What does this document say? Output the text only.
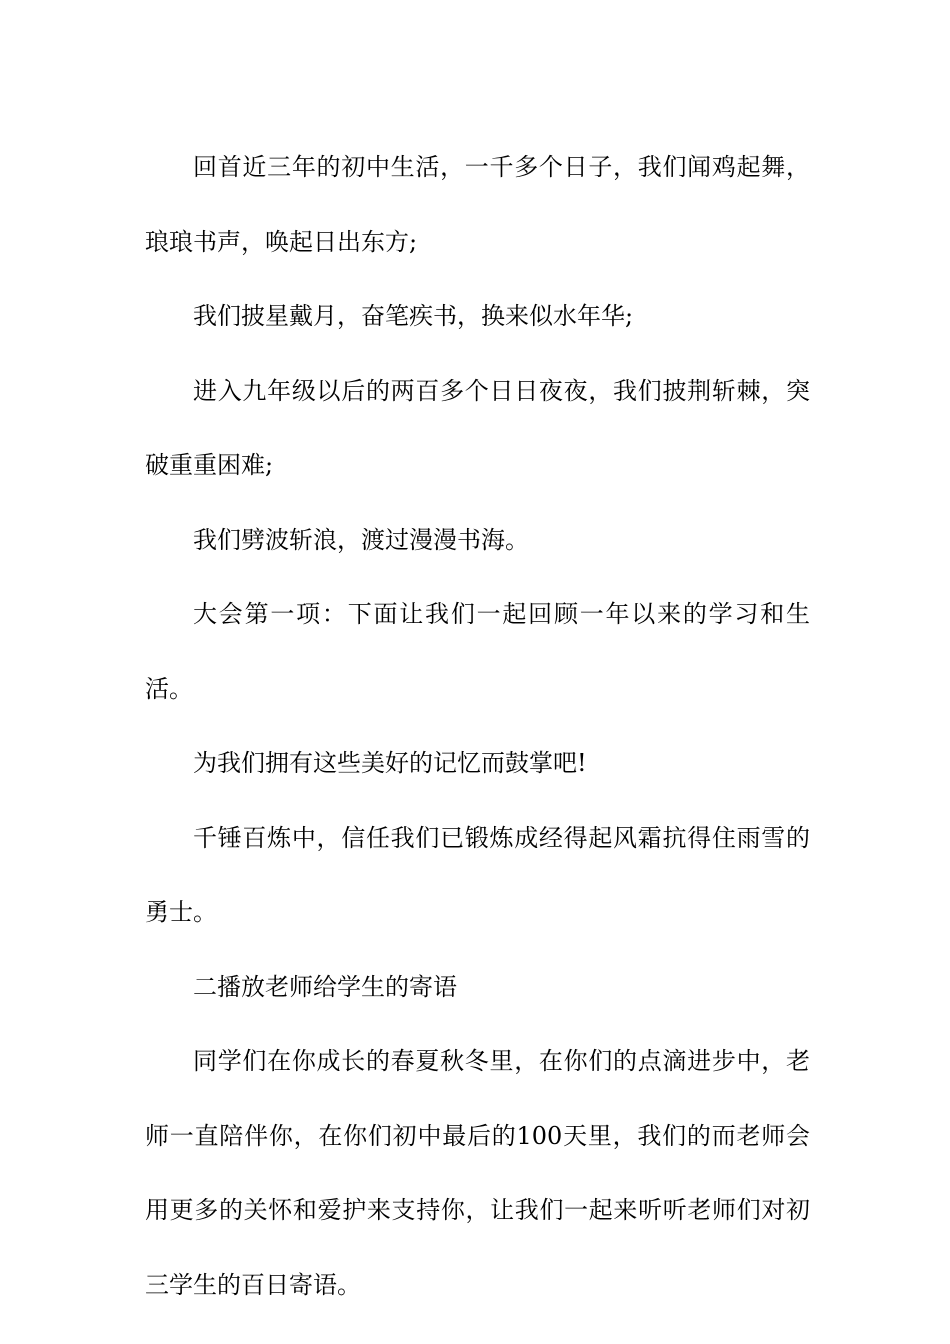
回首近三年的初中生活，一千多个日子，我们闻鸡起舞，琅琅书声，唤起日出东方;

我们披星戴月，奋笔疾书，换来似水年华;

进入九年级以后的两百多个日日夜夜，我们披荆斩棘，突破重重困难;

我们劈波斩浪，渡过漫漫书海。

大会第一项：下面让我们一起回顾一年以来的学习和生活。

为我们拥有这些美好的记忆而鼓掌吧!

千锤百炼中，信任我们已锻炼成经得起风霜抗得住雨雪的勇士。

二播放老师给学生的寄语

同学们在你成长的春夏秋冬里，在你们的点滴进步中，老师一直陪伴你，在你们初中最后的100天里，我们的而老师会用更多的关怀和爱护来支持你，让我们一起来听听老师们对初三学生的百日寄语。
